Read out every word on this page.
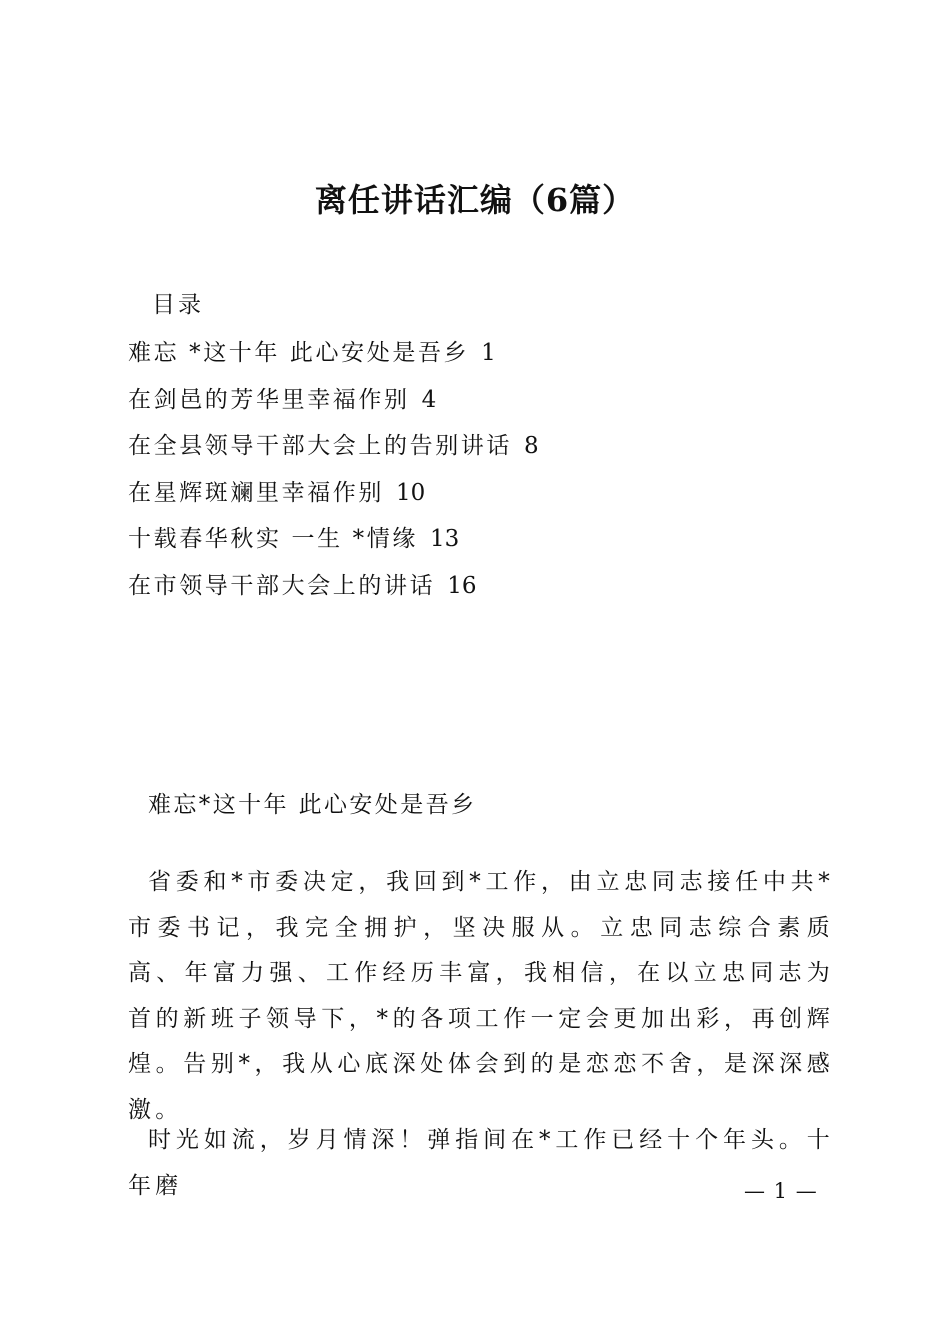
离任讲话汇编（6篇）
目录
难忘 *这十年 此心安处是吾乡 1
在剑邑的芳华里幸福作别 4
在全县领导干部大会上的告别讲话 8
在星辉斑斓里幸福作别 10
十载春华秋实 一生 *情缘 13
在市领导干部大会上的讲话 16
难忘*这十年 此心安处是吾乡

省委和*市委决定，我回到*工作，由立忠同志接任中共*市委书记，我完全拥护，坚决服从。立忠同志综合素质高、年富力强、工作经历丰富，我相信，在以立忠同志为首的新班子领导下，*的各项工作一定会更加出彩，再创辉煌。告别*，我从心底深处体会到的是恋恋不舍，是深深感激。

时光如流，岁月情深！弹指间在*工作已经十个年头。十年磨	— 1 —
